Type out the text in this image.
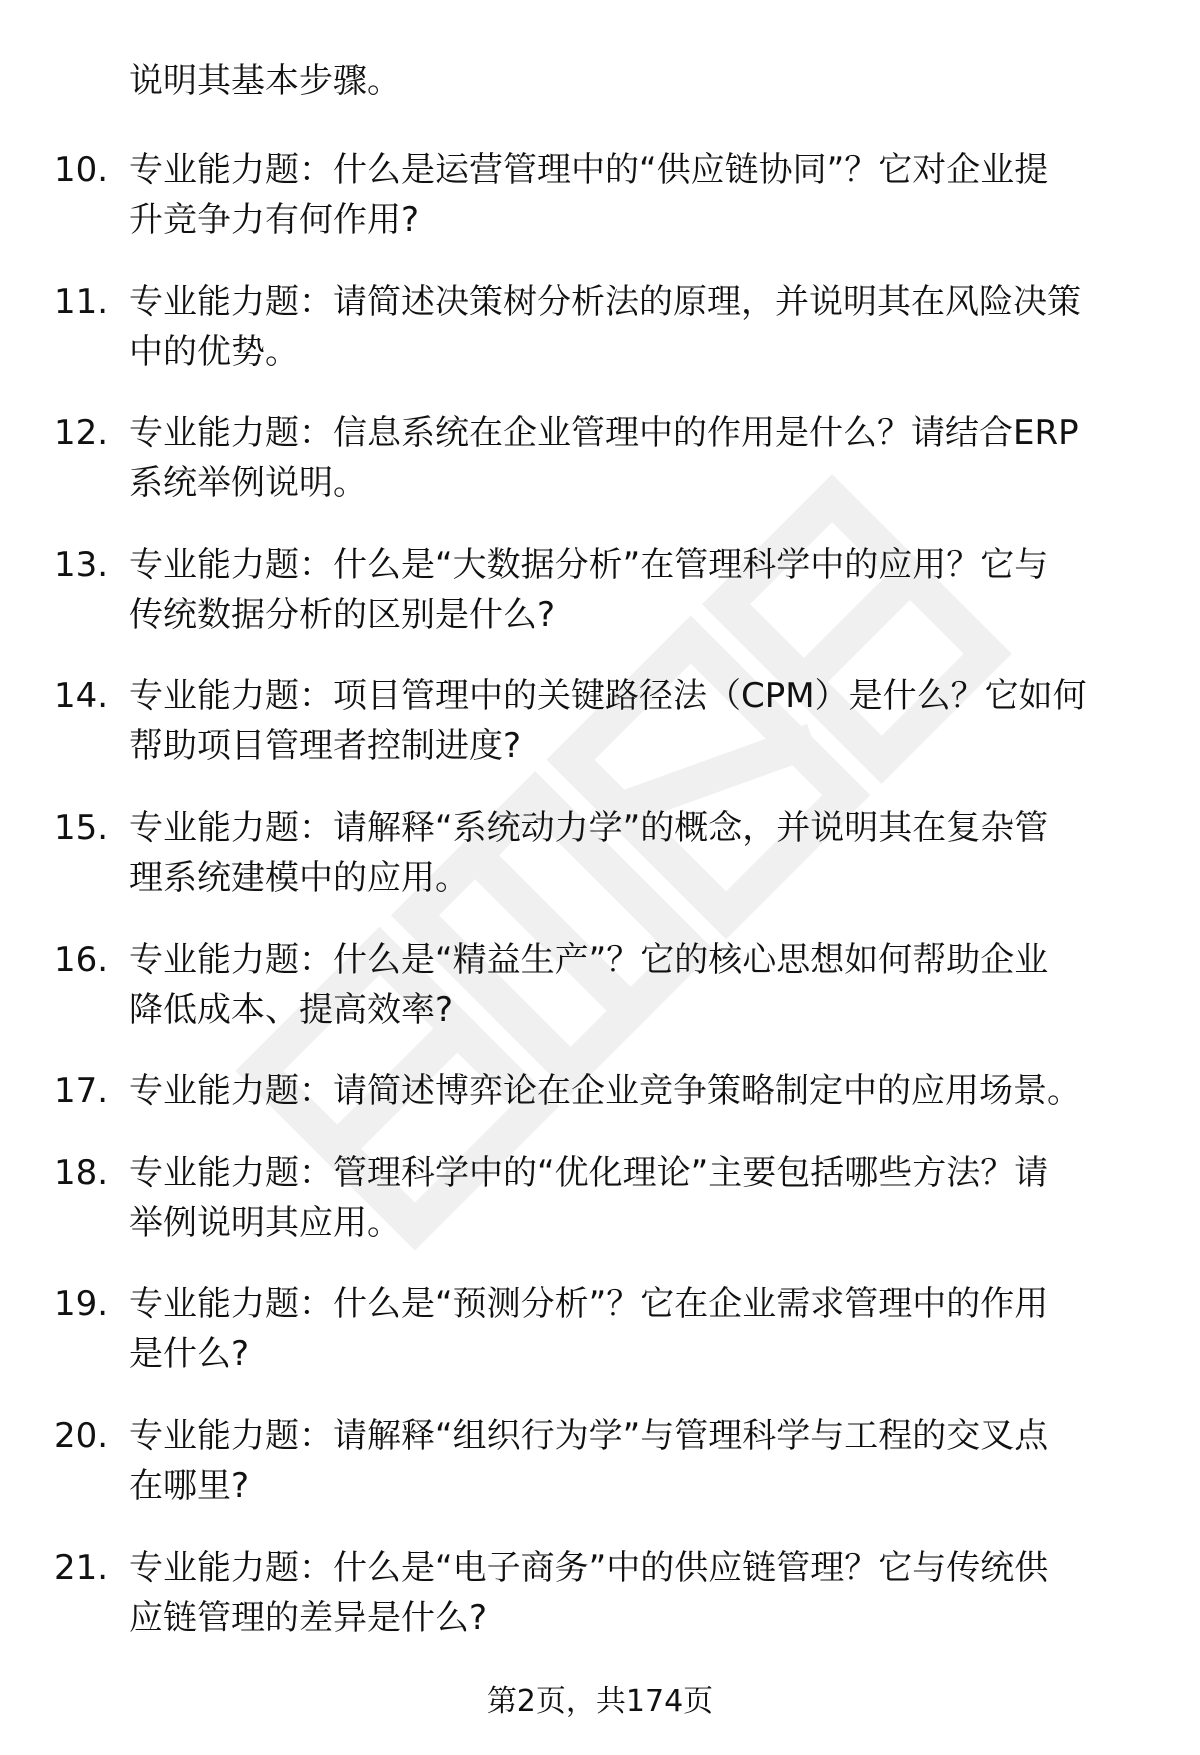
说明其基本步骤。
10. 专业能力题：什么是运营管理中的“供应链协同”？它对企业提
升竞争力有何作用?
11. 专业能力题：请简述决策树分析法的原理，并说明其在风险决策
中的优势。
12. 专业能力题：信息系统在企业管理中的作用是什么？请结合ERP
系统举例说明。
13. 专业能力题：什么是“大数据分析”在管理科学中的应用？它与
传统数据分析的区别是什么?
14. 专业能力题：项目管理中的关键路径法（CPM）是什么？它如何
帮助项目管理者控制进度?
15. 专业能力题：请解释“系统动力学”的概念，并说明其在复杂管
理系统建模中的应用。
16. 专业能力题：什么是“精益生产”？它的核心思想如何帮助企业
降低成本、提高效率?
17. 专业能力题：请简述博弈论在企业竞争策略制定中的应用场景。
18. 专业能力题：管理科学中的“优化理论”主要包括哪些方法？请
举例说明其应用。
19. 专业能力题：什么是“预测分析”？它在企业需求管理中的作用
是什么?
20. 专业能力题：请解释“组织行为学”与管理科学与工程的交叉点
在哪里?
21. 专业能力题：什么是“电子商务”中的供应链管理？它与传统供
应链管理的差异是什么?
第2页，共174页
